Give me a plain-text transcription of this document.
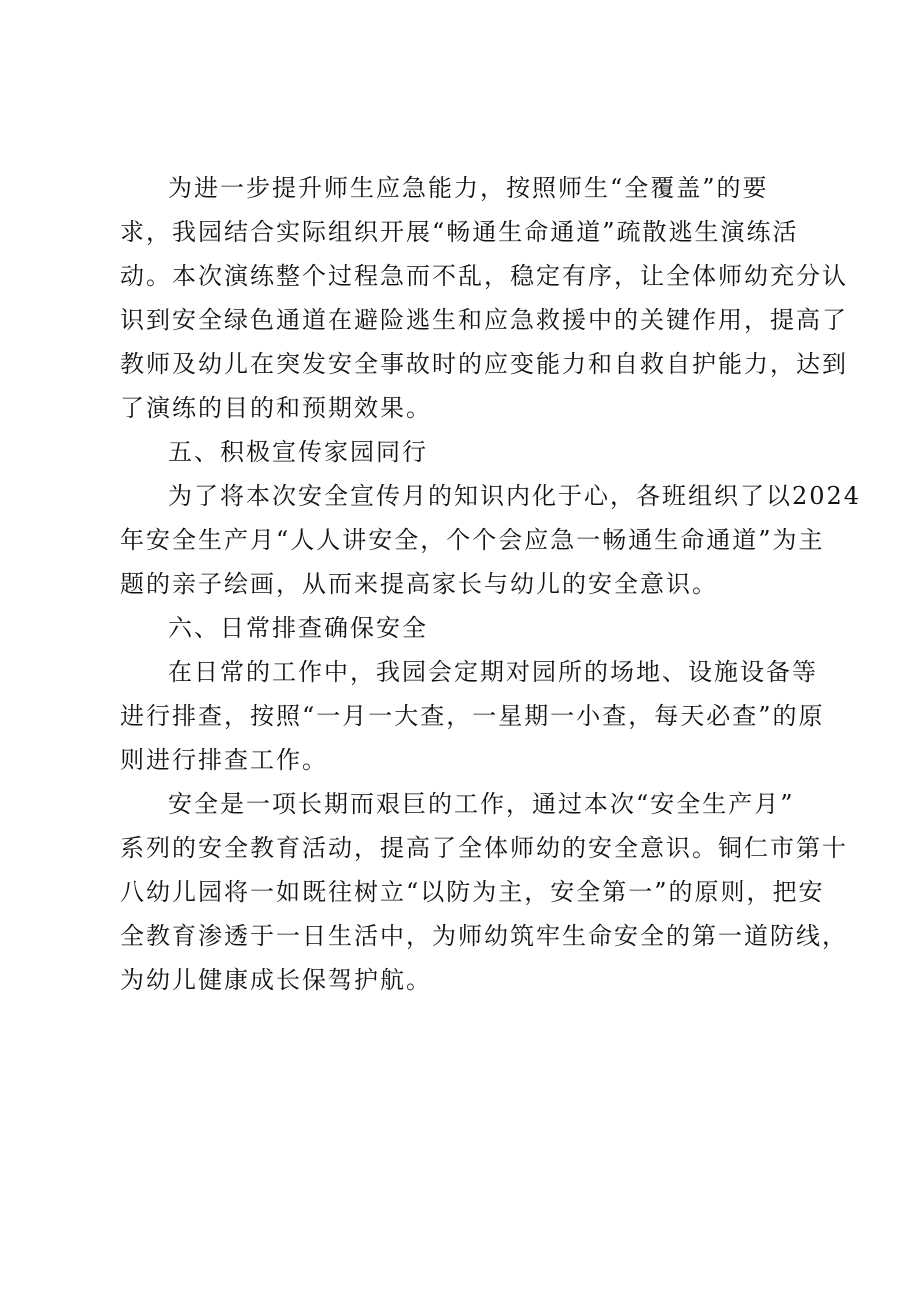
为进一步提升师生应急能力，按照师生“全覆盖”的要
求，我园结合实际组织开展“畅通生命通道”疏散逃生演练活
动。本次演练整个过程急而不乱，稳定有序，让全体师幼充分认
识到安全绿色通道在避险逃生和应急救援中的关键作用，提高了
教师及幼儿在突发安全事故时的应变能力和自救自护能力，达到
了演练的目的和预期效果。
五、积极宣传家园同行
为了将本次安全宣传月的知识内化于心，各班组织了以2024
年安全生产月“人人讲安全，个个会应急一畅通生命通道”为主
题的亲子绘画，从而来提高家长与幼儿的安全意识。
六、日常排查确保安全
在日常的工作中，我园会定期对园所的场地、设施设备等
进行排查，按照“一月一大查，一星期一小查，每天必查”的原
则进行排查工作。
安全是一项长期而艰巨的工作，通过本次“安全生产月”
系列的安全教育活动，提高了全体师幼的安全意识。铜仁市第十
八幼儿园将一如既往树立“以防为主，安全第一”的原则，把安
全教育渗透于一日生活中，为师幼筑牢生命安全的第一道防线，
为幼儿健康成长保驾护航。
